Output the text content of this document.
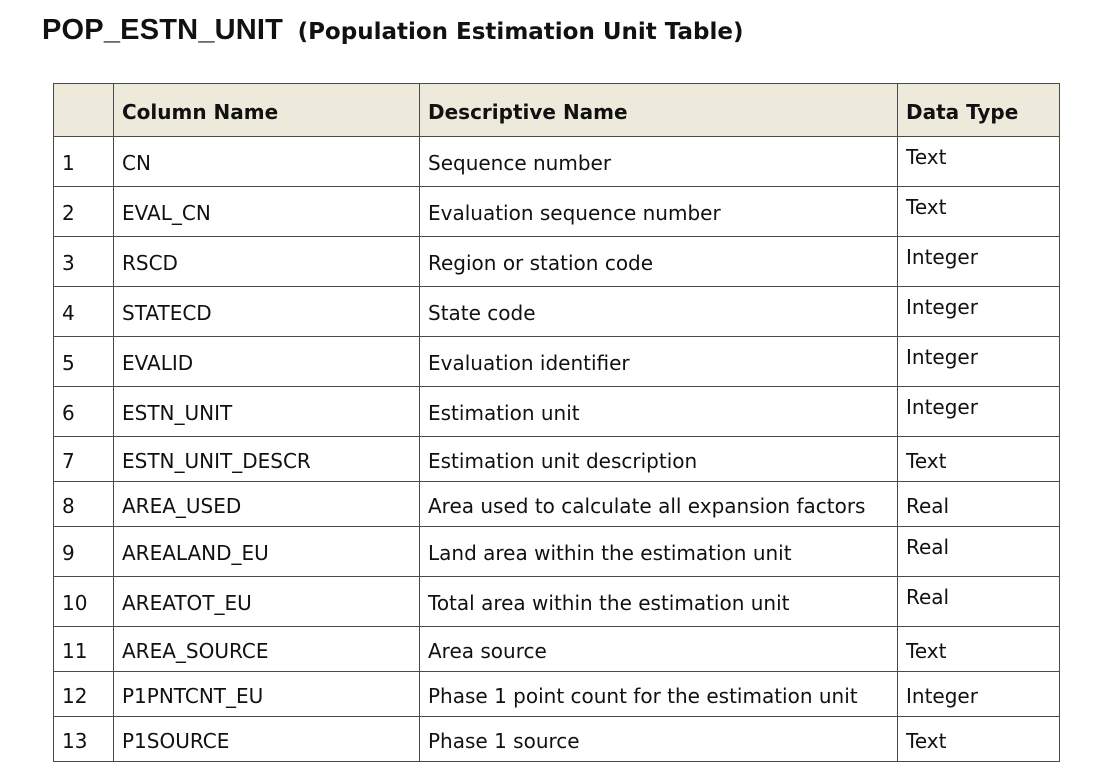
POP_ESTN_UNIT (Population Estimation Unit Table)
	Column Name	Descriptive Name	Data Type
1	CN	Sequence number	Text
2	EVAL_CN	Evaluation sequence number	Text
3	RSCD	Region or station code	Integer
4	STATECD	State code	Integer
5	EVALID	Evaluation identifier	Integer
6	ESTN_UNIT	Estimation unit	Integer
7	ESTN_UNIT_DESCR	Estimation unit description	Text
8	AREA_USED	Area used to calculate all expansion factors	Real
9	AREALAND_EU	Land area within the estimation unit	Real
10	AREATOT_EU	Total area within the estimation unit	Real
11	AREA_SOURCE	Area source	Text
12	P1PNTCNT_EU	Phase 1 point count for the estimation unit	Integer
13	P1SOURCE	Phase 1 source	Text
